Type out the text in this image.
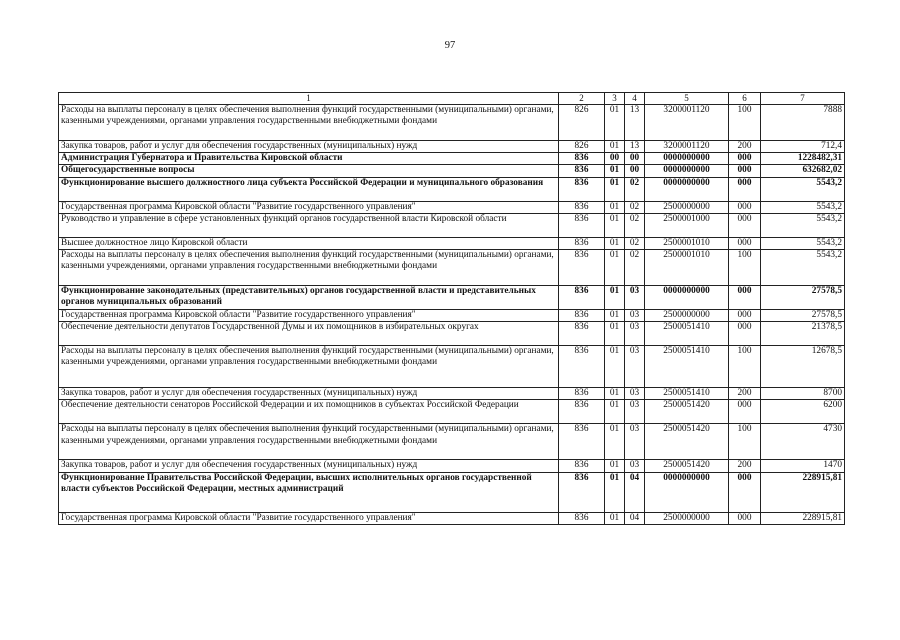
97
1	2	3	4	5	6	7
Расходы на выплаты персоналу в целях обеспечения выполнения функций государственными (муниципальными) органами, казенными учреждениями, органами управления государственными внебюджетными фондами	826	01	13	3200001120	100	7888
Закупка товаров, работ и услуг для обеспечения государственных (муниципальных) нужд	826	01	13	3200001120	200	712,4
Администрация Губернатора и Правительства Кировской области	836	00	00	0000000000	000	1228482,31
Общегосударственные вопросы	836	01	00	0000000000	000	632682,02
Функционирование высшего должностного лица субъекта Российской Федерации и муниципального образования	836	01	02	0000000000	000	5543,2
Государственная программа Кировской области "Развитие государственного управления"	836	01	02	2500000000	000	5543,2
Руководство и управление в сфере установленных функций органов государственной власти Кировской области	836	01	02	2500001000	000	5543,2
Высшее должностное лицо Кировской области	836	01	02	2500001010	000	5543,2
Расходы на выплаты персоналу в целях обеспечения выполнения функций государственными (муниципальными) органами, казенными учреждениями, органами управления государственными внебюджетными фондами	836	01	02	2500001010	100	5543,2
Функционирование законодательных (представительных) органов государственной власти и представительных органов муниципальных образований	836	01	03	0000000000	000	27578,5
Государственная программа Кировской области "Развитие государственного управления"	836	01	03	2500000000	000	27578,5
Обеспечение деятельности депутатов Государственной Думы и их помощников в избирательных округах	836	01	03	2500051410	000	21378,5
Расходы на выплаты персоналу в целях обеспечения выполнения функций государственными (муниципальными) органами, казенными учреждениями, органами управления государственными внебюджетными фондами	836	01	03	2500051410	100	12678,5
Закупка товаров, работ и услуг для обеспечения государственных (муниципальных) нужд	836	01	03	2500051410	200	8700
Обеспечение деятельности сенаторов Российской Федерации и их помощников в субъектах Российской Федерации	836	01	03	2500051420	000	6200
Расходы на выплаты персоналу в целях обеспечения выполнения функций государственными (муниципальными) органами, казенными учреждениями, органами управления государственными внебюджетными фондами	836	01	03	2500051420	100	4730
Закупка товаров, работ и услуг для обеспечения государственных (муниципальных) нужд	836	01	03	2500051420	200	1470
Функционирование Правительства Российской Федерации, высших исполнительных органов государственной власти субъектов Российской Федерации, местных администраций	836	01	04	0000000000	000	228915,81
Государственная программа Кировской области "Развитие государственного управления"	836	01	04	2500000000	000	228915,81
